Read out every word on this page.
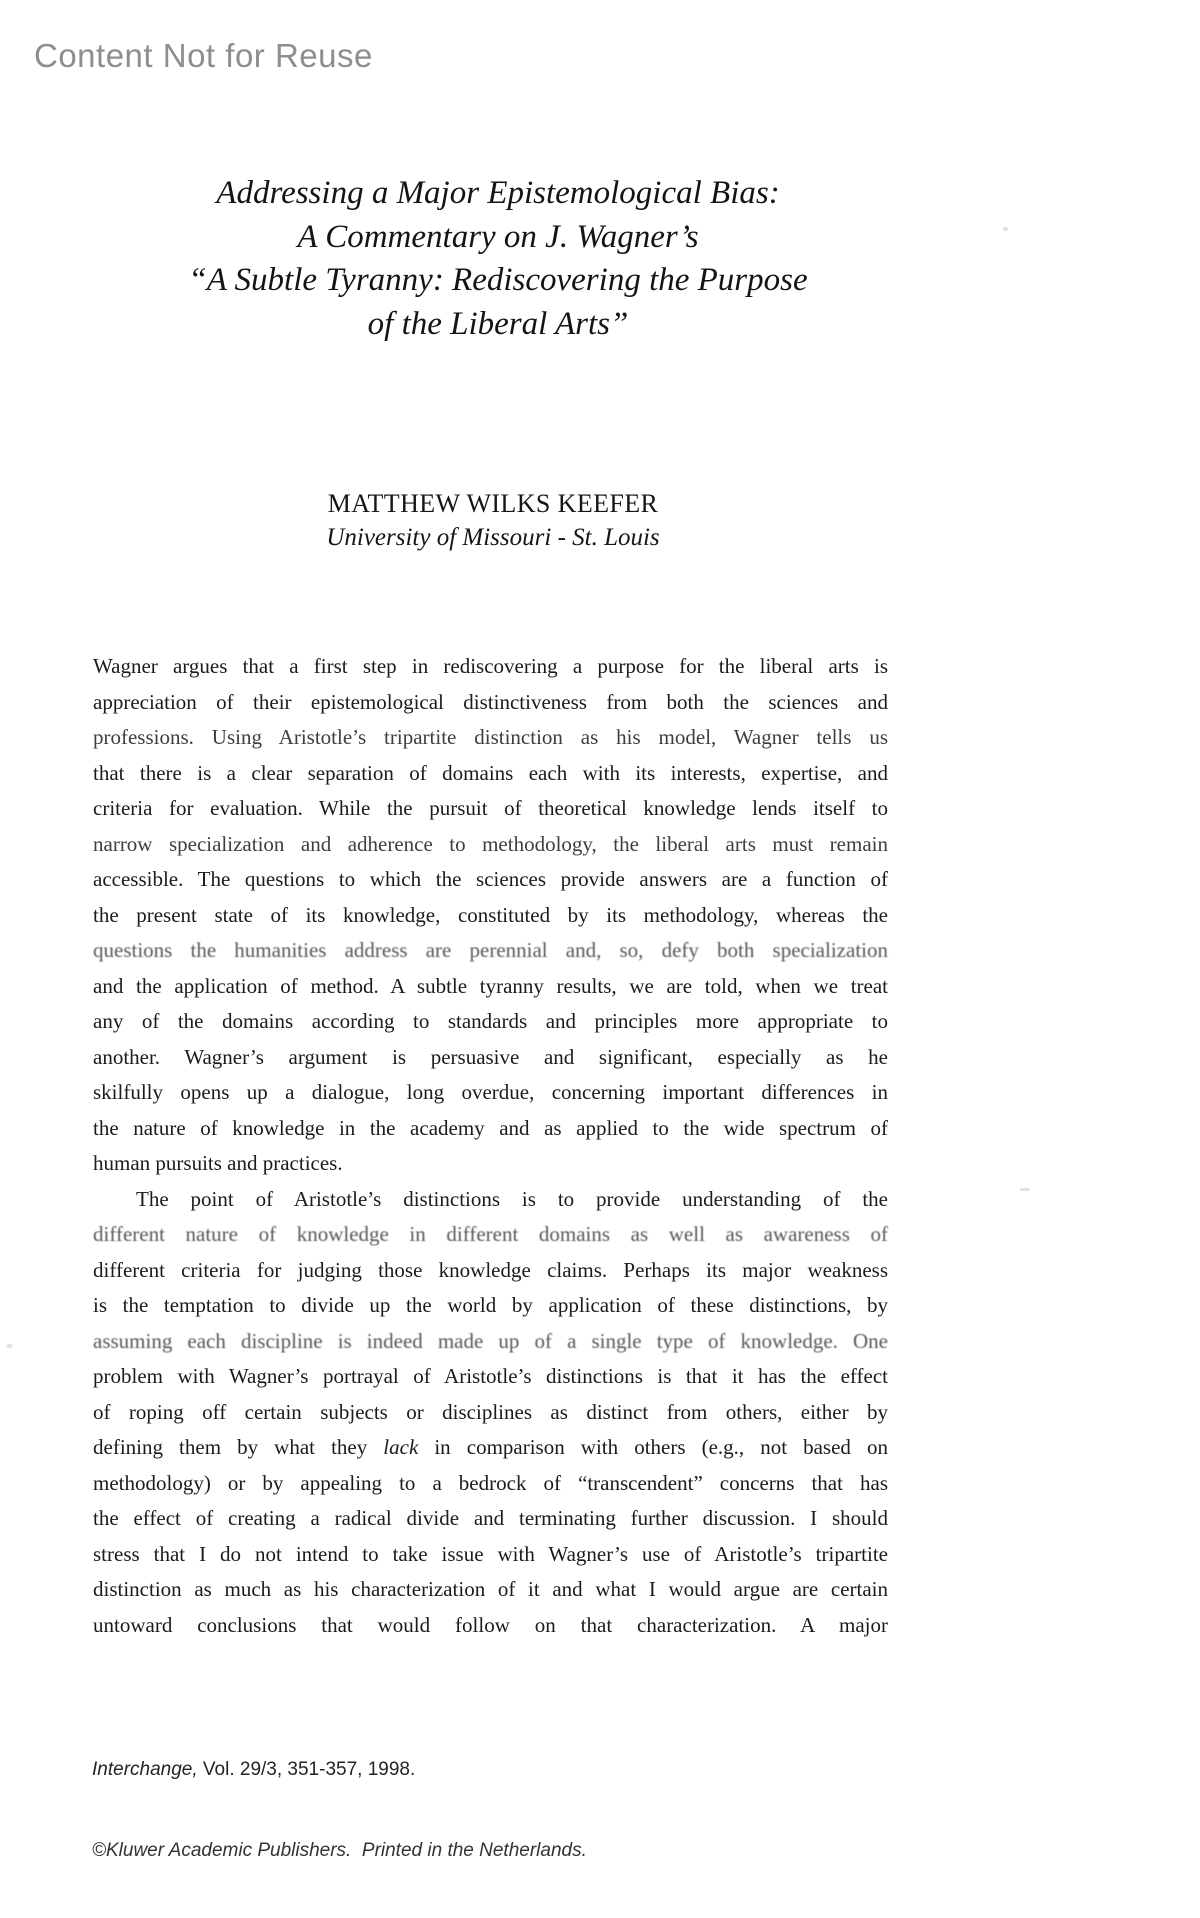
Content Not for Reuse
Addressing a Major Epistemological Bias:
A Commentary on J. Wagner’s
“A Subtle Tyranny: Rediscovering the Purpose
of the Liberal Arts”
MATTHEW WILKS KEEFER
University of Missouri - St. Louis
Wagner argues that a first step in rediscovering a purpose for the liberal arts is
appreciation of their epistemological distinctiveness from both the sciences and
professions. Using Aristotle’s tripartite distinction as his model, Wagner tells us
that there is a clear separation of domains each with its interests, expertise, and
criteria for evaluation. While the pursuit of theoretical knowledge lends itself to
narrow specialization and adherence to methodology, the liberal arts must remain
accessible. The questions to which the sciences provide answers are a function of
the present state of its knowledge, constituted by its methodology, whereas the
questions the humanities address are perennial and, so, defy both specialization
and the application of method. A subtle tyranny results, we are told, when we treat
any of the domains according to standards and principles more appropriate to
another. Wagner’s argument is persuasive and significant, especially as he
skilfully opens up a dialogue, long overdue, concerning important differences in
the nature of knowledge in the academy and as applied to the wide spectrum of
human pursuits and practices.
The point of Aristotle’s distinctions is to provide understanding of the
different nature of knowledge in different domains as well as awareness of
different criteria for judging those knowledge claims. Perhaps its major weakness
is the temptation to divide up the world by application of these distinctions, by
assuming each discipline is indeed made up of a single type of knowledge. One
problem with Wagner’s portrayal of Aristotle’s distinctions is that it has the effect
of roping off certain subjects or disciplines as distinct from others, either by
defining them by what they lack in comparison with others (e.g., not based on
methodology) or by appealing to a bedrock of “transcendent” concerns that has
the effect of creating a radical divide and terminating further discussion. I should
stress that I do not intend to take issue with Wagner’s use of Aristotle’s tripartite
distinction as much as his characterization of it and what I would argue are certain
untoward conclusions that would follow on that characterization. A major

Interchange, Vol. 29/3, 351-357, 1998.

©Kluwer Academic Publishers.  Printed in the Netherlands.
